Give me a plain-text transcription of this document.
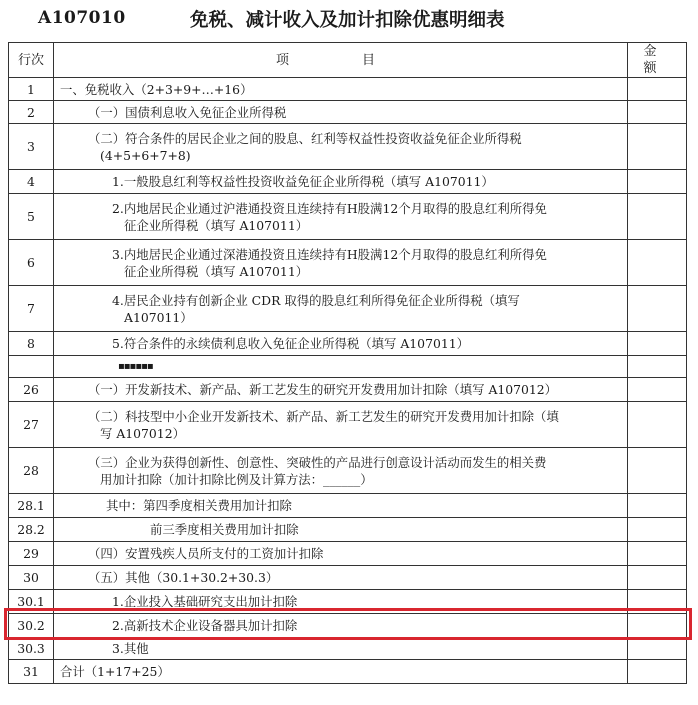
A107010	免税、减计收入及加计扣除优惠明细表
行次	项　目	金　额
1	一、免税收入（2+3+9+…+16）	
2	（一）国债利息收入免征企业所得税	
3	（二）符合条件的居民企业之间的股息、红利等权益性投资收益免征企业所得税
(4+5+6+7+8)	

4	1.一般股息红利等权益性投资收益免征企业所得税（填写 A107011）	
5	2.内地居民企业通过沪港通投资且连续持有H股满12个月取得的股息红利所得免
征企业所得税（填写 A107011）	

6	3.内地居民企业通过深港通投资且连续持有H股满12个月取得的股息红利所得免
征企业所得税（填写 A107011）	

7	4.居民企业持有创新企业 CDR 取得的股息红利所得免征企业所得税（填写
A107011）	

8	5.符合条件的永续债利息收入免征企业所得税（填写 A107011）	
	▪▪▪▪▪▪	
26	（一）开发新技术、新产品、新工艺发生的研究开发费用加计扣除（填写 A107012）	
27	（二）科技型中小企业开发新技术、新产品、新工艺发生的研究开发费用加计扣除（填
写 A107012）	

28	（三）企业为获得创新性、创意性、突破性的产品进行创意设计活动而发生的相关费
用加计扣除（加计扣除比例及计算方法：______）	

28.1	其中：第四季度相关费用加计扣除	
28.2	前三季度相关费用加计扣除	
29	（四）安置残疾人员所支付的工资加计扣除	
30	（五）其他（30.1+30.2+30.3）	
30.1	1.企业投入基础研究支出加计扣除	
30.2	2.高新技术企业设备器具加计扣除	
30.3	3.其他	
31	合计（1+17+25）	
